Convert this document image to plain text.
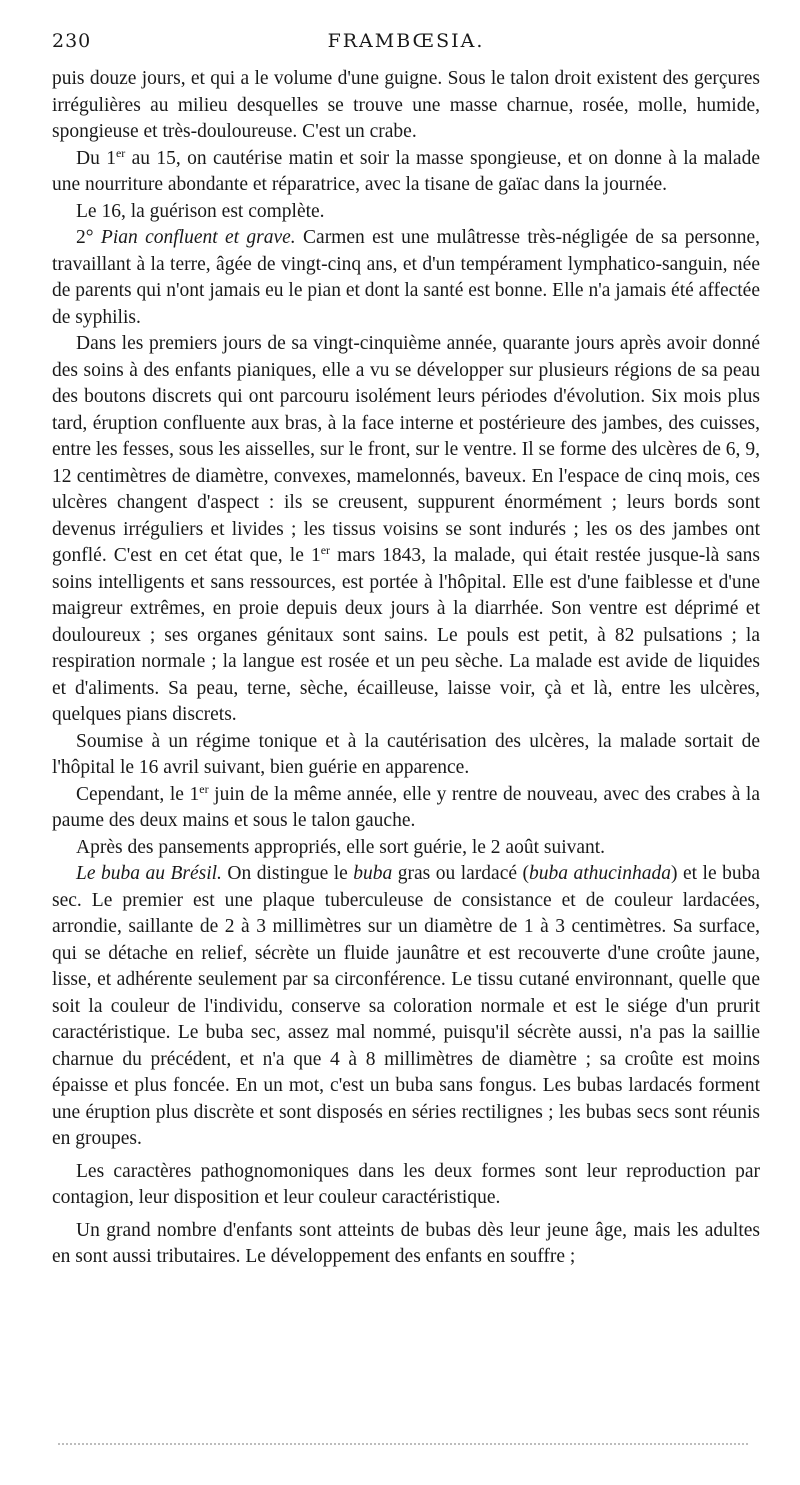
230	FRAMBŒSIA.

puis douze jours, et qui a le volume d'une guigne. Sous le talon droit existent des gerçures irrégulières au milieu desquelles se trouve une masse charnue, rosée, molle, humide, spongieuse et très-douloureuse. C'est un crabe.

Du 1er au 15, on cautérise matin et soir la masse spongieuse, et on donne à la malade une nourriture abondante et réparatrice, avec la tisane de gaïac dans la journée.

Le 16, la guérison est complète.

2° Pian confluent et grave. Carmen est une mulâtresse très-négligée de sa personne, travaillant à la terre, âgée de vingt-cinq ans, et d'un tempérament lymphatico-sanguin, née de parents qui n'ont jamais eu le pian et dont la santé est bonne. Elle n'a jamais été affectée de syphilis.

Dans les premiers jours de sa vingt-cinquième année, quarante jours après avoir donné des soins à des enfants pianiques, elle a vu se développer sur plusieurs régions de sa peau des boutons discrets qui ont parcouru isolément leurs périodes d'évolution. Six mois plus tard, éruption confluente aux bras, à la face interne et postérieure des jambes, des cuisses, entre les fesses, sous les aisselles, sur le front, sur le ventre. Il se forme des ulcères de 6, 9, 12 centimètres de diamètre, convexes, mamelonnés, baveux. En l'espace de cinq mois, ces ulcères changent d'aspect : ils se creusent, suppurent énormément ; leurs bords sont devenus irréguliers et livides ; les tissus voisins se sont indurés ; les os des jambes ont gonflé. C'est en cet état que, le 1er mars 1843, la malade, qui était restée jusque-là sans soins intelligents et sans ressources, est portée à l'hôpital. Elle est d'une faiblesse et d'une maigreur extrêmes, en proie depuis deux jours à la diarrhée. Son ventre est déprimé et douloureux ; ses organes génitaux sont sains. Le pouls est petit, à 82 pulsations ; la respiration normale ; la langue est rosée et un peu sèche. La malade est avide de liquides et d'aliments. Sa peau, terne, sèche, écailleuse, laisse voir, çà et là, entre les ulcères, quelques pians discrets.

Soumise à un régime tonique et à la cautérisation des ulcères, la malade sortait de l'hôpital le 16 avril suivant, bien guérie en apparence.

Cependant, le 1er juin de la même année, elle y rentre de nouveau, avec des crabes à la paume des deux mains et sous le talon gauche.

Après des pansements appropriés, elle sort guérie, le 2 août suivant.

Le buba au Brésil. On distingue le buba gras ou lardacé (buba athucinhada) et le buba sec. Le premier est une plaque tuberculeuse de consistance et de couleur lardacées, arrondie, saillante de 2 à 3 millimètres sur un diamètre de 1 à 3 centimètres. Sa surface, qui se détache en relief, sécrète un fluide jaunâtre et est recouverte d'une croûte jaune, lisse, et adhérente seulement par sa circonférence. Le tissu cutané environnant, quelle que soit la couleur de l'individu, conserve sa coloration normale et est le siége d'un prurit caractéristique. Le buba sec, assez mal nommé, puisqu'il sécrète aussi, n'a pas la saillie charnue du précédent, et n'a que 4 à 8 millimètres de diamètre ; sa croûte est moins épaisse et plus foncée. En un mot, c'est un buba sans fongus. Les bubas lardacés forment une éruption plus discrète et sont disposés en séries rectilignes ; les bubas secs sont réunis en groupes.

Les caractères pathognomoniques dans les deux formes sont leur reproduction par contagion, leur disposition et leur couleur caractéristique.

Un grand nombre d'enfants sont atteints de bubas dès leur jeune âge, mais les adultes en sont aussi tributaires. Le développement des enfants en souffre ;
